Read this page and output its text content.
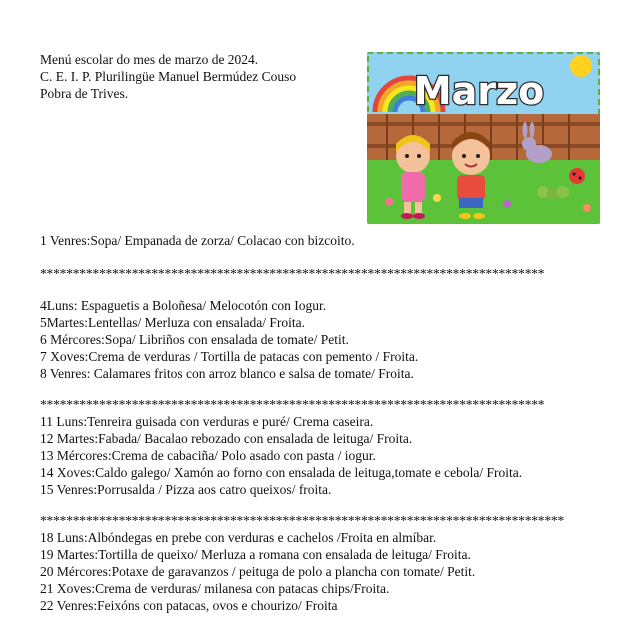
Menú escolar do mes de marzo de 2024.
C. E. I. P. Plurilingüe Manuel Bermúdez Couso
Pobra de Trives.	Marzo

1 Venres:Sopa/ Empanada de zorza/ Colacao con bizcoito.

*****************************************************************************

4Luns: Espaguetis a Boloñesa/ Melocotón con Iogur.

5Martes:Lentellas/ Merluza con ensalada/ Froita.

6 Mércores:Sopa/ Libriños con ensalada de tomate/ Petit.

7 Xoves:Crema de verduras / Tortilla de patacas con pemento / Froita.

8 Venres: Calamares fritos con arroz blanco e salsa de tomate/ Froita.

*****************************************************************************

11 Luns:Tenreira guisada con verduras e puré/ Crema caseira.

12 Martes:Fabada/ Bacalao rebozado con ensalada de leituga/ Froita.

13 Mércores:Crema de cabaciña/ Polo asado con pasta / iogur.

14 Xoves:Caldo galego/ Xamón ao forno con ensalada de leituga,tomate e cebola/ Froita.

15 Venres:Porrusalda / Pizza aos catro queixos/ froita.

********************************************************************************

18 Luns:Albóndegas en prebe con verduras e cachelos /Froita en almíbar.

19 Martes:Tortilla de queixo/ Merluza a romana con ensalada de leituga/ Froita.

20 Mércores:Potaxe de garavanzos / peituga de polo a plancha con tomate/ Petit.

21 Xoves:Crema de verduras/ milanesa con patacas chips/Froita.

22 Venres:Feixóns con patacas, ovos e chourizo/ Froita
